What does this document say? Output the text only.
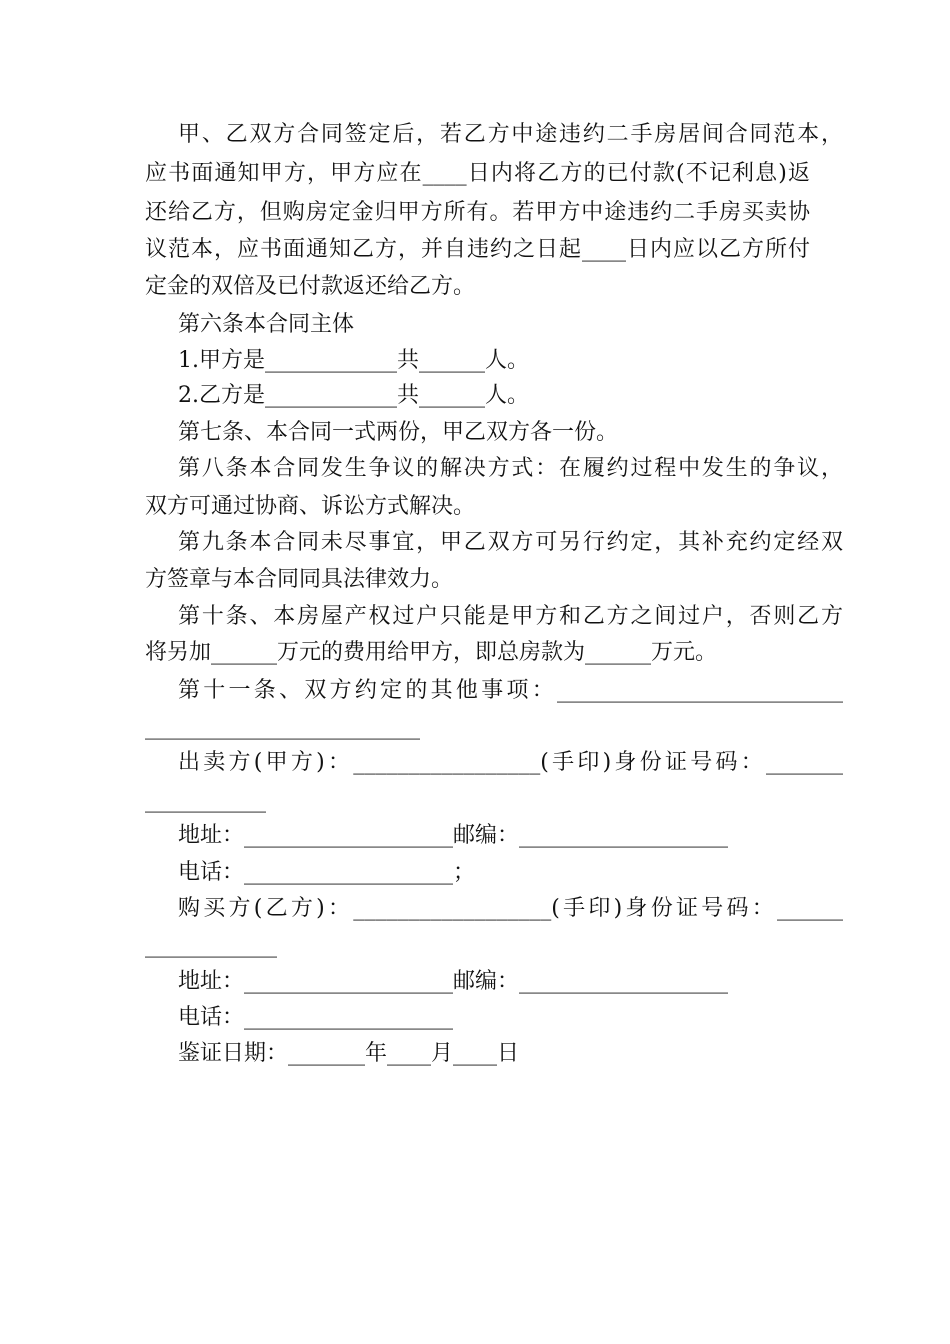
甲、乙双方合同签定后，若乙方中途违约二手房居间合同范本，
应书面通知甲方，甲方应在____日内将乙方的已付款(不记利息)返
还给乙方，但购房定金归甲方所有。若甲方中途违约二手房买卖协
议范本，应书面通知乙方，并自违约之日起____日内应以乙方所付
定金的双倍及已付款返还给乙方。
第六条本合同主体
1.甲方是____________共______人。
2.乙方是____________共______人。
第七条、本合同一式两份，甲乙双方各一份。
第八条本合同发生争议的解决方式：在履约过程中发生的争议，
双方可通过协商、诉讼方式解决。
第九条本合同未尽事宜，甲乙双方可另行约定，其补充约定经双
方签章与本合同同具法律效力。
第十条、本房屋产权过户只能是甲方和乙方之间过户，否则乙方
将另加______万元的费用给甲方，即总房款为______万元。
第十一条、双方约定的其他事项：__________________________
_________________________
出卖方(甲方)：_________________(手印)身份证号码：_______
___________
地址：___________________邮编：___________________
电话：___________________；
购买方(乙方)：__________________(手印)身份证号码：______
____________
地址：___________________邮编：___________________
电话：___________________
鉴证日期：_______年____月____日
